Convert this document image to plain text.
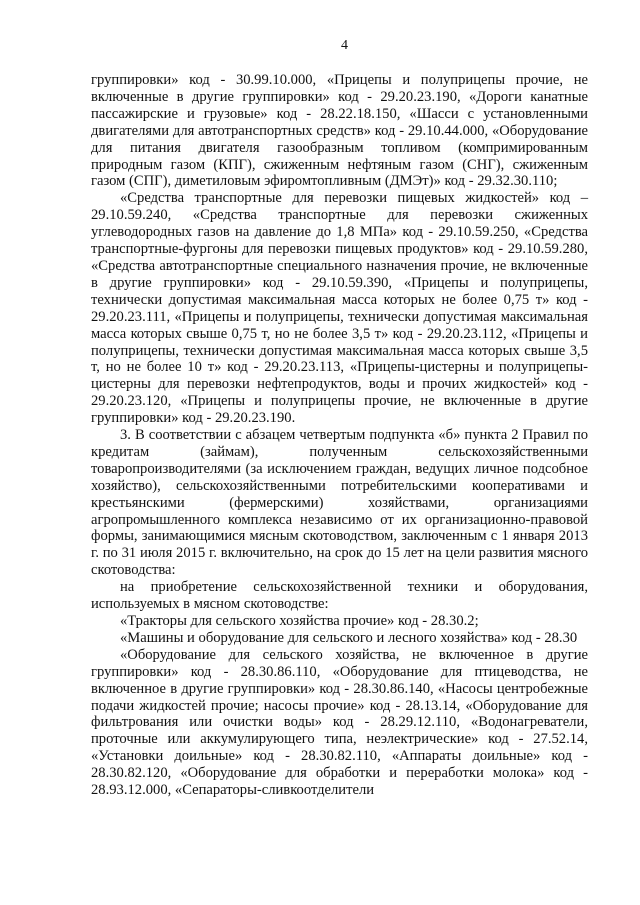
4

группировки» код - 30.99.10.000, «Прицепы и полуприцепы прочие, не включенные в другие группировки» код - 29.20.23.190, «Дороги канатные пассажирские и грузовые» код - 28.22.18.150, «Шасси с установленными двигателями для автотранспортных средств» код - 29.10.44.000, «Оборудование для питания двигателя газообразным топливом (компримированным природным газом (КПГ), сжиженным нефтяным газом (СНГ), сжиженным газом (СПГ), диметиловым эфиромтопливным (ДМЭт)» код - 29.32.30.110;

«Средства транспортные для перевозки пищевых жидкостей» код – 29.10.59.240, «Средства транспортные для перевозки сжиженных углеводородных газов на давление до 1,8 МПа» код - 29.10.59.250, «Средства транспортные-фургоны для перевозки пищевых продуктов» код - 29.10.59.280, «Средства автотранспортные специального назначения прочие, не включенные в другие группировки» код - 29.10.59.390, «Прицепы и полуприцепы, технически допустимая максимальная масса которых не более 0,75 т» код - 29.20.23.111, «Прицепы и полуприцепы, технически допустимая максимальная масса которых свыше 0,75 т, но не более 3,5 т» код - 29.20.23.112, «Прицепы и полуприцепы, технически допустимая максимальная масса которых свыше 3,5 т, но не более 10 т» код - 29.20.23.113, «Прицепы-цистерны и полуприцепы-цистерны для перевозки нефтепродуктов, воды и прочих жидкостей» код - 29.20.23.120, «Прицепы и полуприцепы прочие, не включенные в другие группировки» код - 29.20.23.190.

3. В соответствии с абзацем четвертым подпункта «б» пункта 2 Правил по кредитам (займам), полученным сельскохозяйственными товаропроизводителями (за исключением граждан, ведущих личное подсобное хозяйство), сельскохозяйственными потребительскими кооперативами и крестьянскими (фермерскими) хозяйствами, организациями агропромышленного комплекса независимо от их организационно-правовой формы, занимающимися мясным скотоводством, заключенным с 1 января 2013 г. по 31 июля 2015 г. включительно, на срок до 15 лет на цели развития мясного скотоводства:

на приобретение сельскохозяйственной техники и оборудования, используемых в мясном скотоводстве:

«Тракторы для сельского хозяйства прочие» код - 28.30.2;

«Машины и оборудование для сельского и лесного хозяйства» код - 28.30

«Оборудование для сельского хозяйства, не включенное в другие группировки» код - 28.30.86.110, «Оборудование для птицеводства, не включенное в другие группировки» код - 28.30.86.140, «Насосы центробежные подачи жидкостей прочие; насосы прочие» код - 28.13.14, «Оборудование для фильтрования или очистки воды» код - 28.29.12.110, «Водонагреватели, проточные или аккумулирующего типа, неэлектрические» код - 27.52.14, «Установки доильные» код - 28.30.82.110, «Аппараты доильные» код - 28.30.82.120, «Оборудование для обработки и переработки молока» код - 28.93.12.000, «Сепараторы-сливкоотделители
